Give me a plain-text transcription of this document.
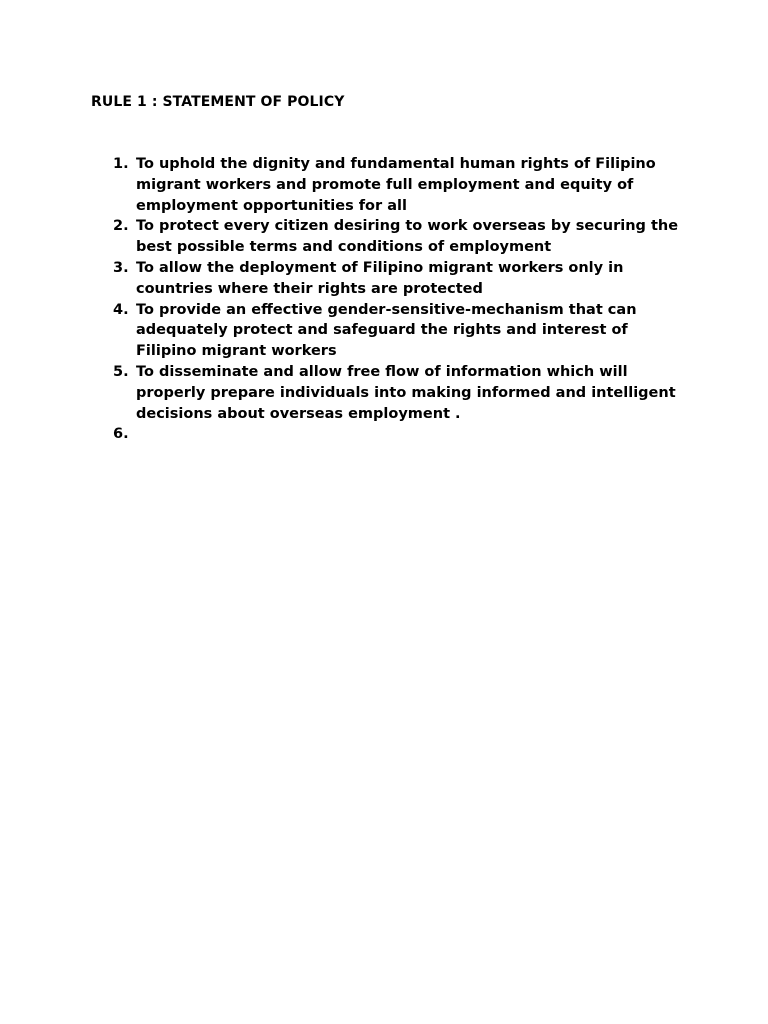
RULE 1 : STATEMENT OF POLICY
1. To uphold the dignity and fundamental human rights of Filipino migrant workers and promote full employment and equity of employment opportunities for all
2. To protect every citizen desiring to work overseas by securing the best possible terms and conditions of employment
3. To allow the deployment of Filipino migrant workers only in countries where their rights are protected
4. To provide an effective gender-sensitive-mechanism that can adequately protect and safeguard the rights and interest of Filipino migrant workers
5. To disseminate and allow free flow of information which will properly prepare individuals into making informed and intelligent decisions about overseas employment .
6.
